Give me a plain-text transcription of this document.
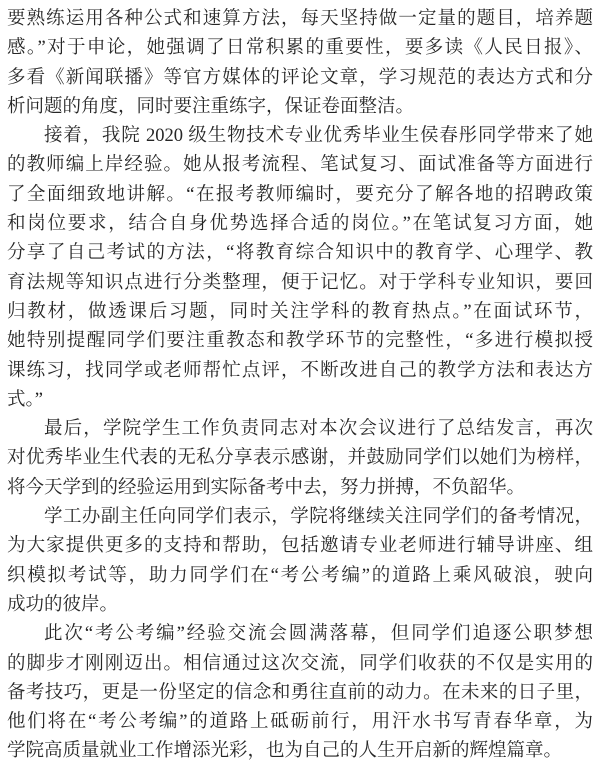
要熟练运用各种公式和速算方法，每天坚持做一定量的题目，培养题
感。”对于申论，她强调了日常积累的重要性，要多读《人民日报》、
多看《新闻联播》等官方媒体的评论文章，学习规范的表达方式和分
析问题的角度，同时要注重练字，保证卷面整洁。
接着，我院 2020 级生物技术专业优秀毕业生侯春彤同学带来了她
的教师编上岸经验。她从报考流程、笔试复习、面试准备等方面进行
了全面细致地讲解。“在报考教师编时，要充分了解各地的招聘政策
和岗位要求，结合自身优势选择合适的岗位。”在笔试复习方面，她
分享了自己考试的方法，“将教育综合知识中的教育学、心理学、教
育法规等知识点进行分类整理，便于记忆。对于学科专业知识，要回
归教材，做透课后习题，同时关注学科的教育热点。”在面试环节，
她特别提醒同学们要注重教态和教学环节的完整性，“多进行模拟授
课练习，找同学或老师帮忙点评，不断改进自己的教学方法和表达方
式。”
最后，学院学生工作负责同志对本次会议进行了总结发言，再次
对优秀毕业生代表的无私分享表示感谢，并鼓励同学们以她们为榜样，
将今天学到的经验运用到实际备考中去，努力拼搏，不负韶华。
学工办副主任向同学们表示，学院将继续关注同学们的备考情况，
为大家提供更多的支持和帮助，包括邀请专业老师进行辅导讲座、组
织模拟考试等，助力同学们在“考公考编”的道路上乘风破浪，驶向
成功的彼岸。
此次“考公考编”经验交流会圆满落幕，但同学们追逐公职梦想
的脚步才刚刚迈出。相信通过这次交流，同学们收获的不仅是实用的
备考技巧，更是一份坚定的信念和勇往直前的动力。在未来的日子里，
他们将在“考公考编”的道路上砥砺前行，用汗水书写青春华章，为
学院高质量就业工作增添光彩，也为自己的人生开启新的辉煌篇章。
